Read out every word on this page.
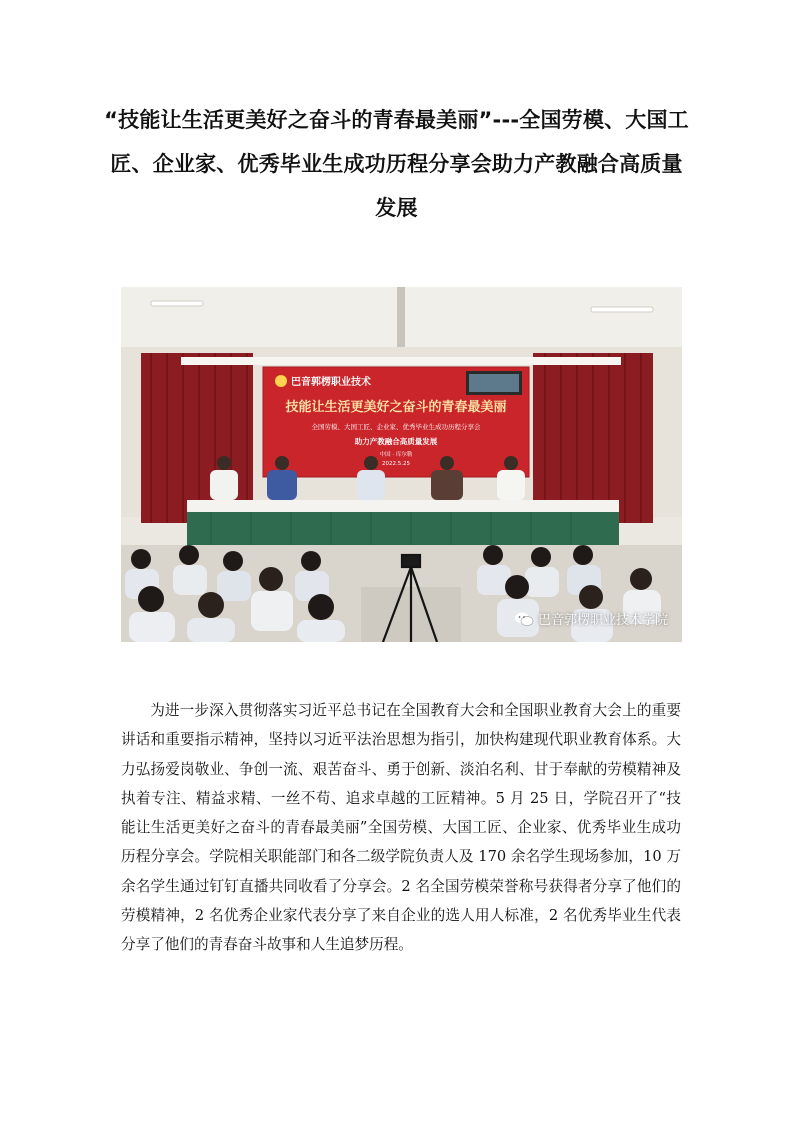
“技能让生活更美好之奋斗的青春最美丽”---全国劳模、大国工匠、企业家、优秀毕业生成功历程分享会助力产教融合高质量发展
巴音郭楞职业技术
技能让生活更美好之奋斗的青春最美丽
全国劳模、大国工匠、企业家、优秀毕业生成功历程分享会
助力产教融合高质量发展
中国 · 库尔勒
2022.5.25
巴音郭楞职业技术学院

为进一步深入贯彻落实习近平总书记在全国教育大会和全国职业教育大会上的重要讲话和重要指示精神，坚持以习近平法治思想为指引，加快构建现代职业教育体系。大力弘扬爱岗敬业、争创一流、艰苦奋斗、勇于创新、淡泊名利、甘于奉献的劳模精神及执着专注、精益求精、一丝不苟、追求卓越的工匠精神。5 月 25 日，学院召开了“技能让生活更美好之奋斗的青春最美丽”全国劳模、大国工匠、企业家、优秀毕业生成功历程分享会。学院相关职能部门和各二级学院负责人及 170 余名学生现场参加，10 万余名学生通过钉钉直播共同收看了分享会。2 名全国劳模荣誉称号获得者分享了他们的劳模精神，2 名优秀企业家代表分享了来自企业的选人用人标准，2 名优秀毕业生代表分享了他们的青春奋斗故事和人生追梦历程。
